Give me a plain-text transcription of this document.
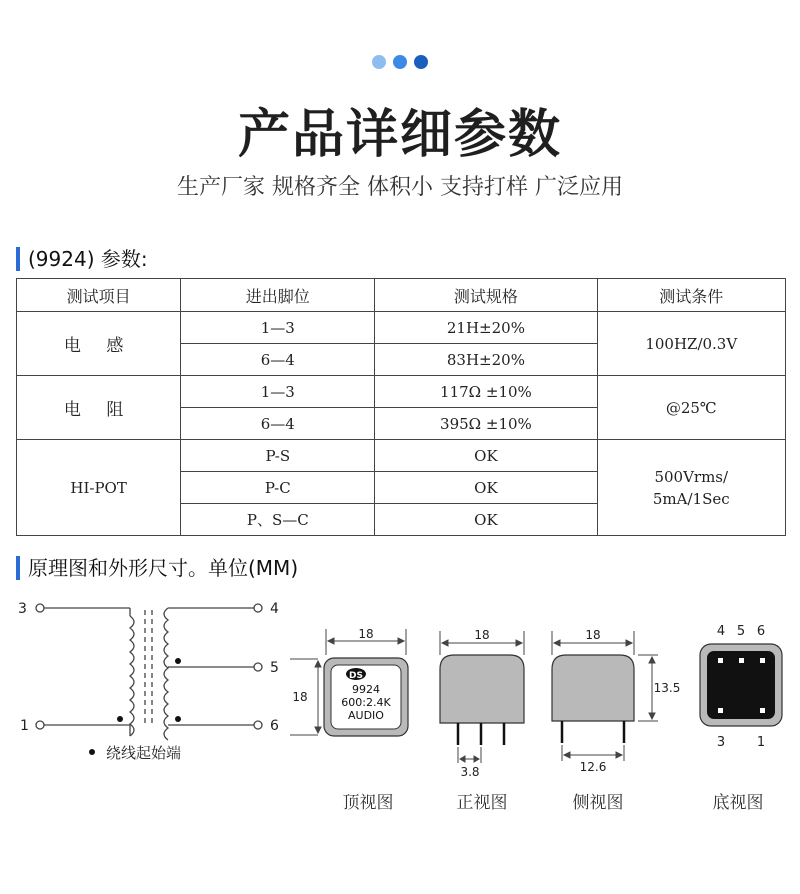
产品详细参数
生产厂家 规格齐全 体积小 支持打样 广泛应用
(9924) 参数:
测试项目	进出脚位	测试规格	测试条件
电 感	1—3	21H±20%	100HZ/0.3V
	6—4	83H±20%	
电 阻	1—3	117Ω ±10%	@25℃
	6—4	395Ω ±10%	
HI-POT	P-S	OK	500Vrms/
5mA/1Sec

	P-C	OK	
	P、S—C	OK	
原理图和外形尺寸。单位(MM)
3
1
4
5
6
绕线起始端
DS
9924
600:2.4K
AUDIO
18
18
18
3.8
18
13.5
12.6
4 5 6
3 1
顶视图	正视图	侧视图	底视图
